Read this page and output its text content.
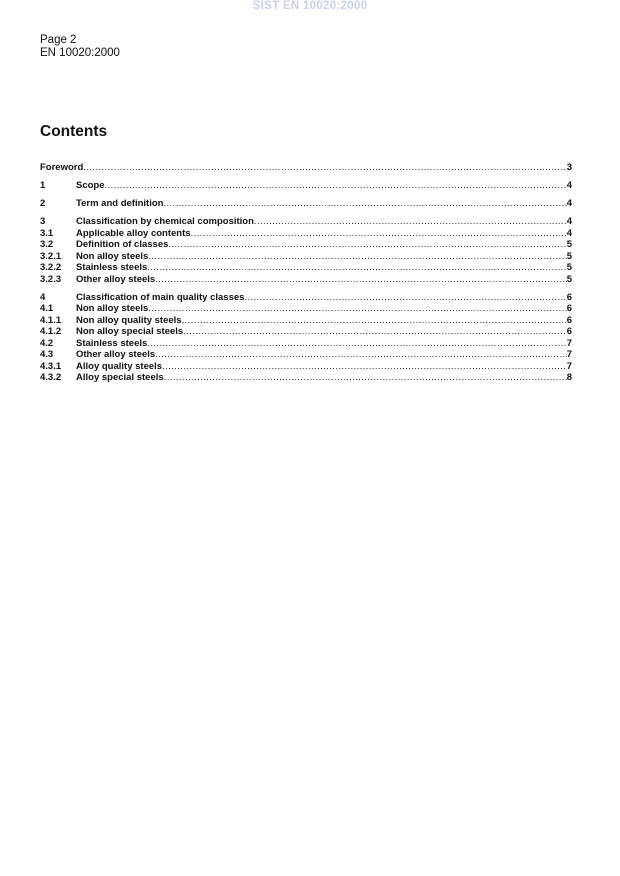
SIST EN 10020:2000
Page 2
EN 10020:2000
Contents
Foreword .....	3
1	Scope .....	4
2	Term and definition .....	4
3	Classification by chemical composition .....	4
3.1	Applicable alloy contents .....	4
3.2	Definition of classes .....	5
3.2.1	Non alloy steels .....	5
3.2.2	Stainless steels .....	5
3.2.3	Other alloy steels .....	5
4	Classification of main quality classes .....	6
4.1	Non alloy steels .....	6
4.1.1	Non alloy quality steels .....	6
4.1.2	Non alloy special steels .....	6
4.2	Stainless steels .....	7
4.3	Other alloy steels .....	7
4.3.1	Alloy quality steels .....	7
4.3.2	Alloy special steels .....	8
